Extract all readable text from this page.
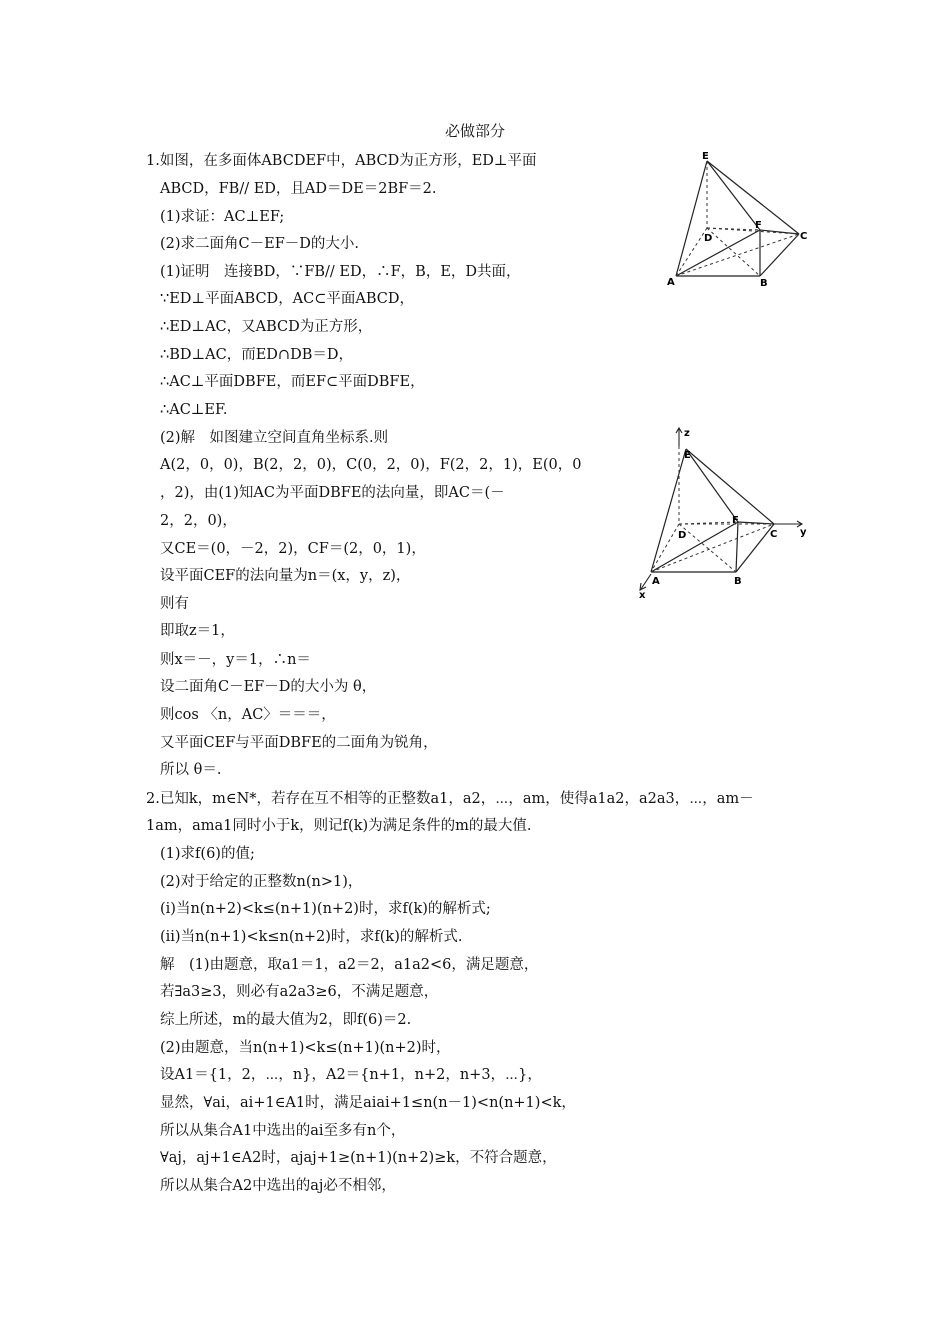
必做部分
1.如图，在多面体ABCDEF中，ABCD为正方形，ED⊥平面
ABCD，FB// ED，且AD＝DE＝2BF＝2.
(1)求证：AC⊥EF;
(2)求二面角C－EF－D的大小.
(1)证明　连接BD，∵FB// ED，∴F，B，E，D共面，
∵ED⊥平面ABCD，AC⊂平面ABCD，
∴ED⊥AC，又ABCD为正方形，
∴BD⊥AC，而ED∩DB＝D，
∴AC⊥平面DBFE，而EF⊂平面DBFE，
∴AC⊥EF.
(2)解　如图建立空间直角坐标系.则
A(2，0，0)，B(2，2，0)，C(0，2，0)，F(2，2，1)，E(0，0
，2)，由(1)知AC为平面DBFE的法向量，即AC＝(－
2，2，0)，
又CE＝(0，－2，2)，CF＝(2，0，1)，
设平面CEF的法向量为n＝(x，y，z)，
则有
即取z＝1，
则x＝－，y＝1，∴n＝
设二面角C－EF－D的大小为 θ，
则cos 〈n，AC〉＝＝＝，
又平面CEF与平面DBFE的二面角为锐角，
所以 θ＝.
2.已知k，m∈N*，若存在互不相等的正整数a1，a2，⋯，am，使得a1a2，a2a3，⋯，am－
1am，ama1同时小于k，则记f(k)为满足条件的m的最大值.
(1)求f(6)的值;
(2)对于给定的正整数n(n>1)，
(ⅰ)当n(n+2)<k≤(n+1)(n+2)时，求f(k)的解析式;
(ⅱ)当n(n+1)<k≤n(n+2)时，求f(k)的解析式.
解　(1)由题意，取a1＝1，a2＝2，a1a2<6，满足题意，
若∃a3≥3，则必有a2a3≥6，不满足题意，
综上所述，m的最大值为2，即f(6)＝2.
(2)由题意，当n(n+1)<k≤(n+1)(n+2)时，
设A1＝{1，2，⋯，n}，A2＝{n+1，n+2，n+3，⋯}，
显然，∀ai，ai+1∈A1时，满足aiai+1≤n(n－1)<n(n+1)<k，
所以从集合A1中选出的ai至多有n个，
∀aj，aj+1∈A2时，ajaj+1≥(n+1)(n+2)≥k，不符合题意，
所以从集合A2中选出的aj必不相邻，
E
D
F
C
A	B
z
E
F
D	C y
A	B
x
